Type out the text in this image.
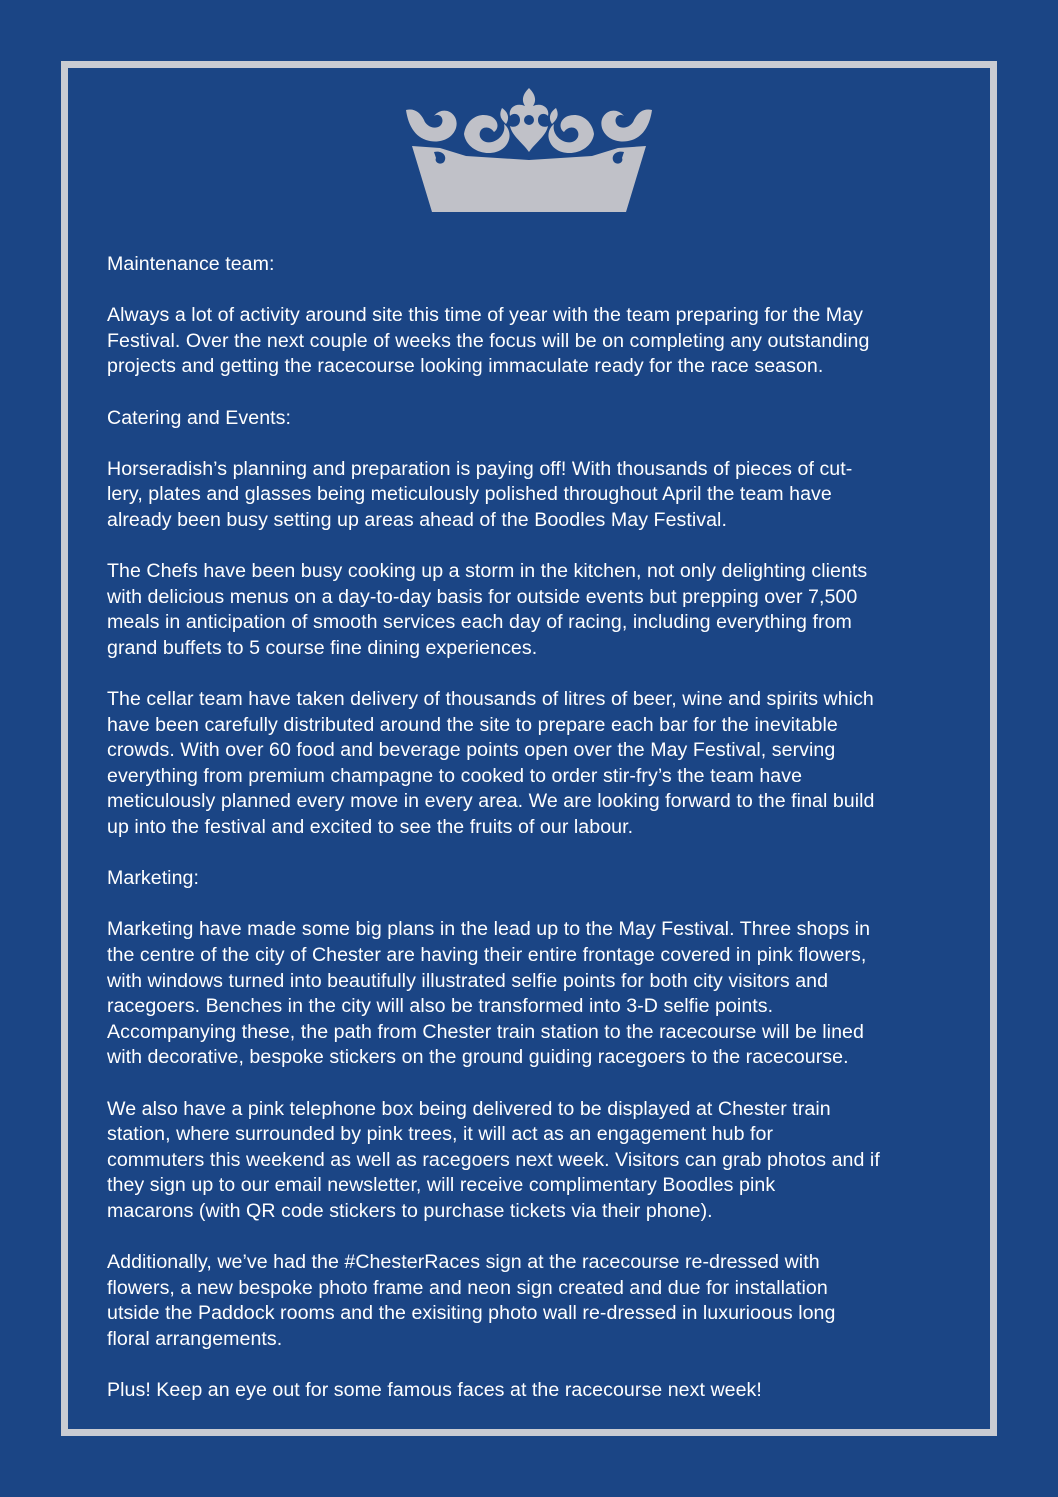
Maintenance team:

Always a lot of activity around site this time of year with the team preparing for the May
Festival. Over the next couple of weeks the focus will be on completing any outstanding
projects and getting the racecourse looking immaculate ready for the race season.

Catering and Events:

Horseradish’s planning and preparation is paying off! With thousands of pieces of cut-
lery, plates and glasses being meticulously polished throughout April the team have
already been busy setting up areas ahead of the Boodles May Festival.

The Chefs have been busy cooking up a storm in the kitchen, not only delighting clients
with delicious menus on a day-to-day basis for outside events but prepping over 7,500
meals in anticipation of smooth services each day of racing, including everything from
grand buffets to 5 course fine dining experiences.

The cellar team have taken delivery of thousands of litres of beer, wine and spirits which
have been carefully distributed around the site to prepare each bar for the inevitable
crowds. With over 60 food and beverage points open over the May Festival, serving
everything from premium champagne to cooked to order stir-fry’s the team have
meticulously planned every move in every area. We are looking forward to the final build
up into the festival and excited to see the fruits of our labour.

Marketing:

Marketing have made some big plans in the lead up to the May Festival. Three shops in
the centre of the city of Chester are having their entire frontage covered in pink flowers,
with windows turned into beautifully illustrated selfie points for both city visitors and
racegoers. Benches in the city will also be transformed into 3-D selfie points.
Accompanying these, the path from Chester train station to the racecourse will be lined
with decorative, bespoke stickers on the ground guiding racegoers to the racecourse.

We also have a pink telephone box being delivered to be displayed at Chester train
station, where surrounded by pink trees, it will act as an engagement hub for
commuters this weekend as well as racegoers next week. Visitors can grab photos and if
they sign up to our email newsletter, will receive complimentary Boodles pink
macarons (with QR code stickers to purchase tickets via their phone).

Additionally, we’ve had the #ChesterRaces sign at the racecourse re-dressed with
flowers, a new bespoke photo frame and neon sign created and due for installation
utside the Paddock rooms and the exisiting photo wall re-dressed in luxurioous long
floral arrangements.

Plus! Keep an eye out for some famous faces at the racecourse next week!
